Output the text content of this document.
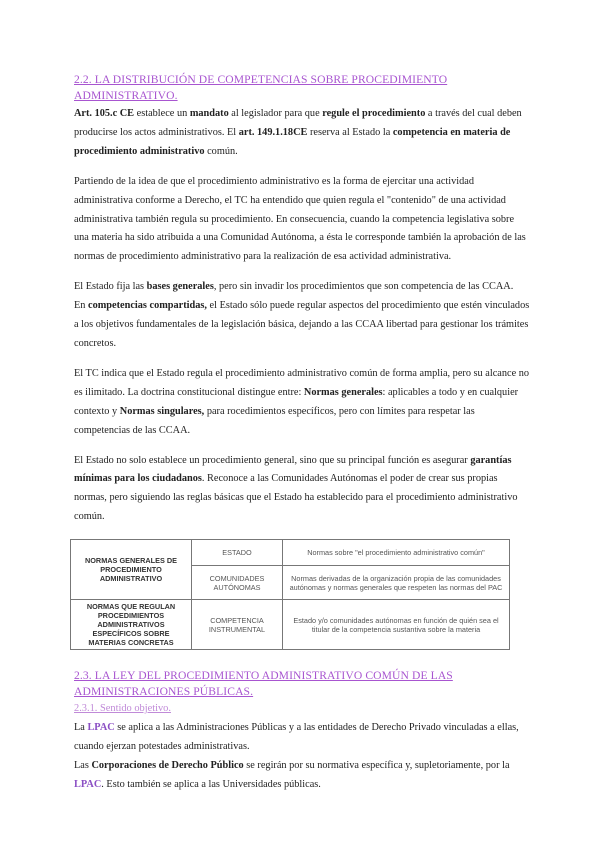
2.2. LA DISTRIBUCIÓN DE COMPETENCIAS SOBRE PROCEDIMIENTO ADMINISTRATIVO.

Art. 105.c CE establece un mandato al legislador para que regule el procedimiento a través del cual deben producirse los actos administrativos. El art. 149.1.18CE reserva al Estado la competencia en materia de procedimiento administrativo común.

Partiendo de la idea de que el procedimiento administrativo es la forma de ejercitar una actividad administrativa conforme a Derecho, el TC ha entendido que quien regula el "contenido" de una actividad administrativa también regula su procedimiento. En consecuencia, cuando la competencia legislativa sobre una materia ha sido atribuida a una Comunidad Autónoma, a ésta le corresponde también la aprobación de las normas de procedimiento administrativo para la realización de esa actividad administrativa.

El Estado fija las bases generales, pero sin invadir los procedimientos que son competencia de las CCAA.

En competencias compartidas, el Estado sólo puede regular aspectos del procedimiento que estén vinculados a los objetivos fundamentales de la legislación básica, dejando a las CCAA libertad para gestionar los trámites concretos.

El TC indica que el Estado regula el procedimiento administrativo común de forma amplia, pero su alcance no es ilimitado. La doctrina constitucional distingue entre: Normas generales: aplicables a todo y en cualquier contexto y Normas singulares, para rocedimientos específicos, pero con límites para respetar las competencias de las CCAA.

El Estado no solo establece un procedimiento general, sino que su principal función es asegurar garantías mínimas para los ciudadanos. Reconoce a las Comunidades Autónomas el poder de crear sus propias normas, pero siguiendo las reglas básicas que el Estado ha establecido para el procedimiento administrativo común.

NORMAS GENERALES DE PROCEDIMIENTO ADMINISTRATIVO	ESTADO	Normas sobre "el procedimiento administrativo común"
	COMUNIDADES AUTÓNOMAS	Normas derivadas de la organización propia de las comunidades autónomas y normas generales que respeten las normas del PAC
NORMAS QUE REGULAN PROCEDIMIENTOS ADMINISTRATIVOS ESPECÍFICOS SOBRE MATERIAS CONCRETAS	COMPETENCIA INSTRUMENTAL	Estado y/o comunidades autónomas en función de quién sea el titular de la competencia sustantiva sobre la materia
2.3. LA LEY DEL PROCEDIMIENTO ADMINISTRATIVO COMÚN DE LAS ADMINISTRACIONES PÚBLICAS.
2.3.1. Sentido objetivo.

La LPAC se aplica a las Administraciones Públicas y a las entidades de Derecho Privado vinculadas a ellas, cuando ejerzan potestades administrativas.

Las Corporaciones de Derecho Público se regirán por su normativa específica y, supletoriamente, por la LPAC. Esto también se aplica a las Universidades públicas.
